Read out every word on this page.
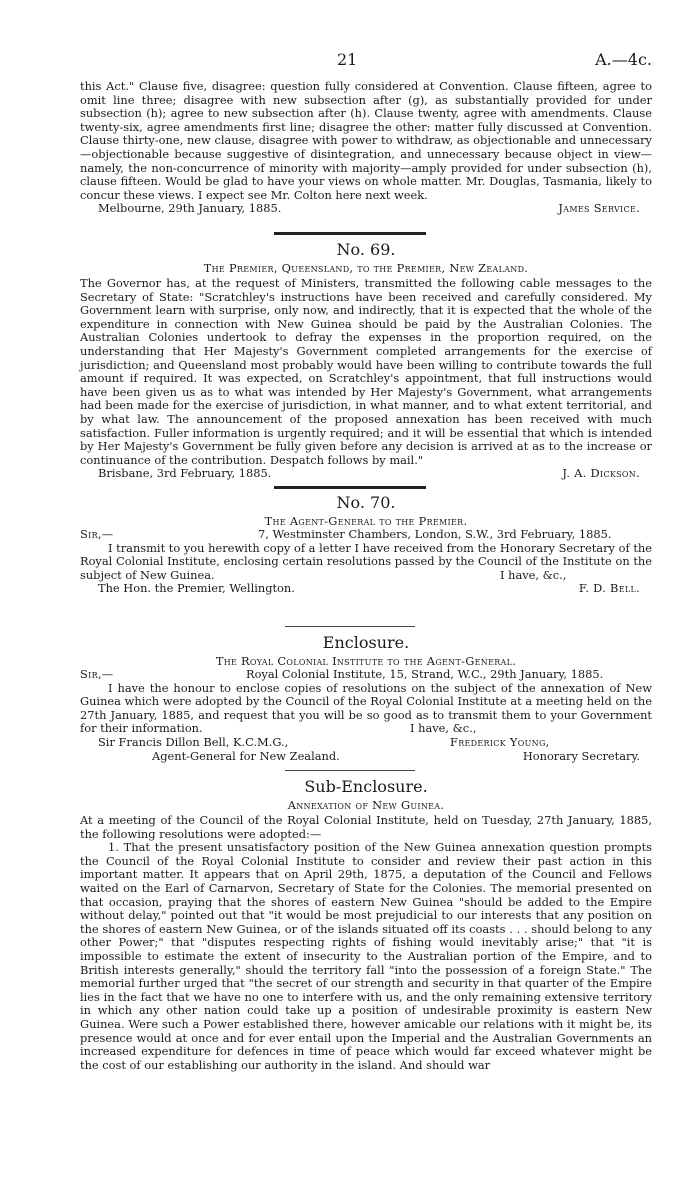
21	A.—4c.

this Act." Clause five, disagree: question fully considered at Convention. Clause fifteen, agree to omit line three; disagree with new subsection after (g), as substantially provided for under subsection (h); agree to new subsection after (h). Clause twenty, agree with amendments. Clause twenty-six, agree amendments first line; disagree the other: matter fully discussed at Convention. Clause thirty-one, new clause, disagree with power to withdraw, as objectionable and unnecessary—objectionable because suggestive of disintegration, and unnecessary because object in view—namely, the non-concurrence of minority with majority—amply provided for under subsection (h), clause fifteen. Would be glad to have your views on whole matter. Mr. Douglas, Tasmania, likely to concur these views. I expect see Mr. Colton here next week.

Melbourne, 29th January, 1885.	James Service.
No. 69.
The Premier, Queensland, to the Premier, New Zealand.

The Governor has, at the request of Ministers, transmitted the following cable messages to the Secretary of State: "Scratchley's instructions have been received and carefully considered. My Government learn with surprise, only now, and indirectly, that it is expected that the whole of the expenditure in connection with New Guinea should be paid by the Australian Colonies. The Australian Colonies undertook to defray the expenses in the proportion required, on the understanding that Her Majesty's Government completed arrangements for the exercise of jurisdiction; and Queensland most probably would have been willing to contribute towards the full amount if required. It was expected, on Scratchley's appointment, that full instructions would have been given us as to what was intended by Her Majesty's Government, what arrangements had been made for the exercise of jurisdiction, in what manner, and to what extent territorial, and by what law. The announcement of the proposed annexation has been received with much satisfaction. Fuller information is urgently required; and it will be essential that which is intended by Her Majesty's Government be fully given before any decision is arrived at as to the increase or continuance of the contribution. Despatch follows by mail."

Brisbane, 3rd February, 1885.	J. A. Dickson.
No. 70.
The Agent-General to the Premier.
Sir,—	7, Westminster Chambers, London, S.W., 3rd February, 1885.

I transmit to you herewith copy of a letter I have received from the Honorary Secretary of the Royal Colonial Institute, enclosing certain resolutions passed by the Council of the Institute on the subject of New Guinea.	I have, &c.,
The Hon. the Premier, Wellington.	F. D. Bell.
Enclosure.
The Royal Colonial Institute to the Agent-General.
Sir,—	Royal Colonial Institute, 15, Strand, W.C., 29th January, 1885.

I have the honour to enclose copies of resolutions on the subject of the annexation of New Guinea which were adopted by the Council of the Royal Colonial Institute at a meeting held on the 27th January, 1885, and request that you will be so good as to transmit them to your Government for their information.	I have, &c.,
Sir Francis Dillon Bell, K.C.M.G.,	Frederick Young,
Agent-General for New Zealand.	Honorary Secretary.
Sub-Enclosure.
Annexation of New Guinea.

At a meeting of the Council of the Royal Colonial Institute, held on Tuesday, 27th January, 1885, the following resolutions were adopted:—

1. That the present unsatisfactory position of the New Guinea annexation question prompts the Council of the Royal Colonial Institute to consider and review their past action in this important matter. It appears that on April 29th, 1875, a deputation of the Council and Fellows waited on the Earl of Carnarvon, Secretary of State for the Colonies. The memorial presented on that occasion, praying that the shores of eastern New Guinea "should be added to the Empire without delay," pointed out that "it would be most prejudicial to our interests that any position on the shores of eastern New Guinea, or of the islands situated off its coasts . . . should belong to any other Power;" that "disputes respecting rights of fishing would inevitably arise;" that "it is impossible to estimate the extent of insecurity to the Australian portion of the Empire, and to British interests generally," should the territory fall "into the possession of a foreign State." The memorial further urged that "the secret of our strength and security in that quarter of the Empire lies in the fact that we have no one to interfere with us, and the only remaining extensive territory in which any other nation could take up a position of undesirable proximity is eastern New Guinea. Were such a Power established there, however amicable our relations with it might be, its presence would at once and for ever entail upon the Imperial and the Australian Governments an increased expenditure for defences in time of peace which would far exceed whatever might be the cost of our establishing our authority in the island. And should war
